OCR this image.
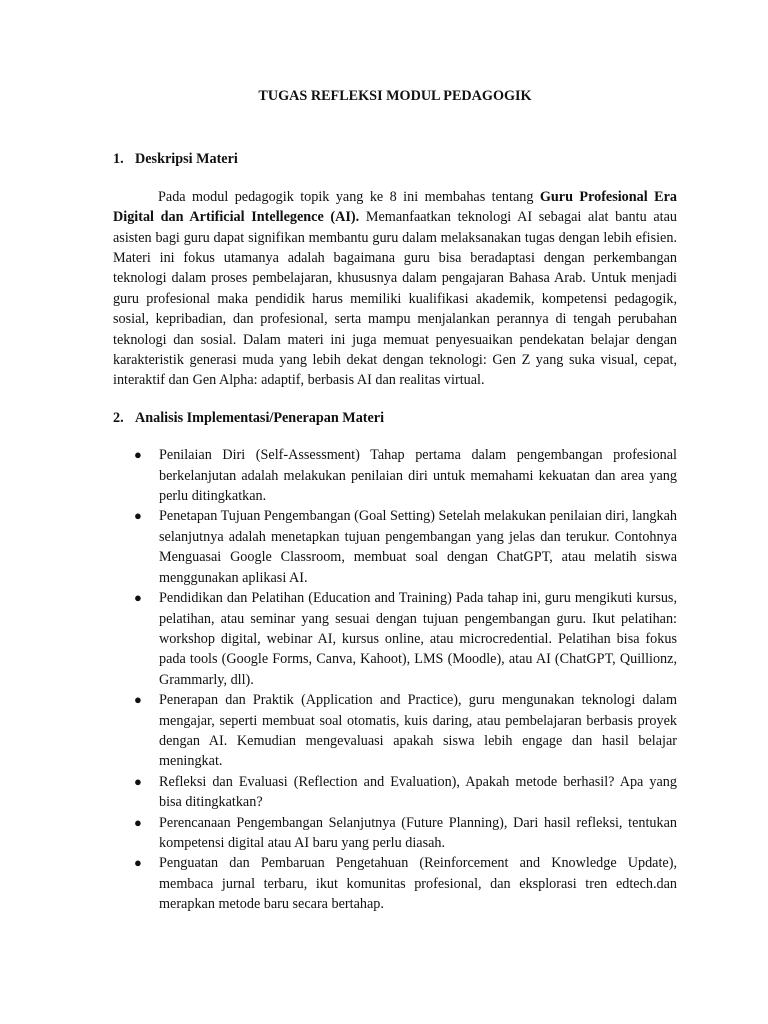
TUGAS REFLEKSI MODUL PEDAGOGIK

1. Deskripsi Materi

Pada modul pedagogik topik yang ke 8 ini membahas tentang Guru Profesional Era Digital dan Artificial Intellegence (AI). Memanfaatkan teknologi AI sebagai alat bantu atau asisten bagi guru dapat signifikan membantu guru dalam melaksanakan tugas dengan lebih efisien. Materi ini fokus utamanya adalah bagaimana guru bisa beradaptasi dengan perkembangan teknologi dalam proses pembelajaran, khususnya dalam pengajaran Bahasa Arab. Untuk menjadi guru profesional maka pendidik harus memiliki kualifikasi akademik, kompetensi pedagogik, sosial, kepribadian, dan profesional, serta mampu menjalankan perannya di tengah perubahan teknologi dan sosial. Dalam materi ini juga memuat penyesuaikan pendekatan belajar dengan karakteristik generasi muda yang lebih dekat dengan teknologi: Gen Z yang suka visual, cepat, interaktif dan Gen Alpha: adaptif, berbasis AI dan realitas virtual.

2. Analisis Implementasi/Penerapan Materi
● Penilaian Diri (Self-Assessment) Tahap pertama dalam pengembangan profesional berkelanjutan adalah melakukan penilaian diri untuk memahami kekuatan dan area yang perlu ditingkatkan.
● Penetapan Tujuan Pengembangan (Goal Setting) Setelah melakukan penilaian diri, langkah selanjutnya adalah menetapkan tujuan pengembangan yang jelas dan terukur. Contohnya Menguasai Google Classroom, membuat soal dengan ChatGPT, atau melatih siswa menggunakan aplikasi AI.
● Pendidikan dan Pelatihan (Education and Training) Pada tahap ini, guru mengikuti kursus, pelatihan, atau seminar yang sesuai dengan tujuan pengembangan guru. Ikut pelatihan: workshop digital, webinar AI, kursus online, atau microcredential. Pelatihan bisa fokus pada tools (Google Forms, Canva, Kahoot), LMS (Moodle), atau AI (ChatGPT, Quillionz, Grammarly, dll).
● Penerapan dan Praktik (Application and Practice), guru mengunakan teknologi dalam mengajar, seperti membuat soal otomatis, kuis daring, atau pembelajaran berbasis proyek dengan AI. Kemudian mengevaluasi apakah siswa lebih engage dan hasil belajar meningkat.
● Refleksi dan Evaluasi (Reflection and Evaluation), Apakah metode berhasil? Apa yang bisa ditingkatkan?
● Perencanaan Pengembangan Selanjutnya (Future Planning), Dari hasil refleksi, tentukan kompetensi digital atau AI baru yang perlu diasah.
● Penguatan dan Pembaruan Pengetahuan (Reinforcement and Knowledge Update), membaca jurnal terbaru, ikut komunitas profesional, dan eksplorasi tren edtech.dan merapkan metode baru secara bertahap.
